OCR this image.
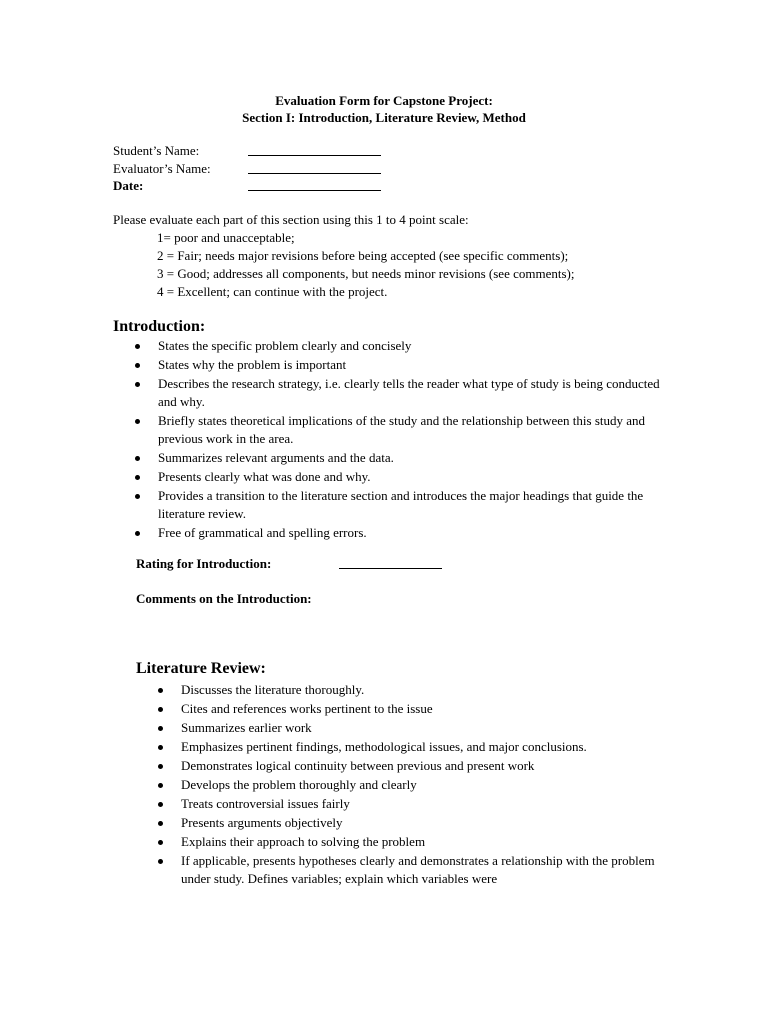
Evaluation Form for Capstone Project:
Section I: Introduction, Literature Review, Method
Student’s Name:
Evaluator’s Name:
Date:
Please evaluate each part of this section using this 1 to 4 point scale:
1= poor and unacceptable;
2 = Fair; needs major revisions before being accepted (see specific comments);
3 = Good; addresses all components, but needs minor revisions (see comments);
4 = Excellent; can continue with the project.
Introduction:
States the specific problem clearly and concisely
States why the problem is important
Describes the research strategy, i.e. clearly tells the reader what type of study is being conducted and why.
Briefly states theoretical implications of the study and the relationship between this study and previous work in the area.
Summarizes relevant arguments and the data.
Presents clearly what was done and why.
Provides a transition to the literature section and introduces the major headings that guide the literature review.
Free of grammatical and spelling errors.
Rating for Introduction:
Comments on the Introduction:
Literature Review:
Discusses the literature thoroughly.
Cites and references works pertinent to the issue
Summarizes earlier work
Emphasizes pertinent findings, methodological issues, and major conclusions.
Demonstrates logical continuity between previous and present work
Develops the problem thoroughly and clearly
Treats controversial issues fairly
Presents arguments objectively
Explains their approach to solving the problem
If applicable, presents hypotheses clearly and demonstrates a relationship with the problem under study. Defines variables; explain which variables were
